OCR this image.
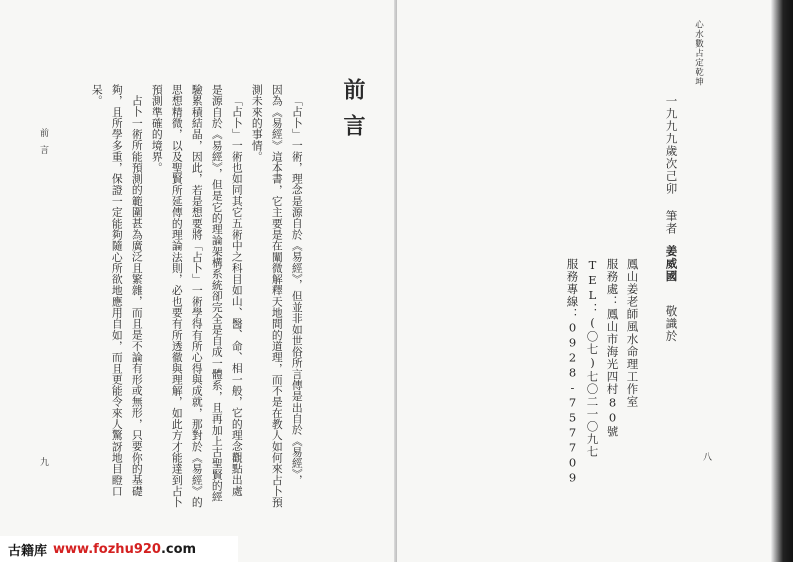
前言
「占卜」一術，理念是源自於《易經》，但並非如世俗所言傳是出自於《易經》，
因為《易經》這本書，它主要是在闡微解釋天地間的道理，而不是在教人如何來占卜預
測未來的事情。
「占卜」一術也如同其它五術中之科目如山、醫、命、相一般，它的理念觀點出處
是源自於《易經》，但是它的理論架構系統卻完全是自成一體系，且再加上古聖賢的經
驗累積結晶，因此，若是想要將「占卜」一術學得有所心得與成就，那對於《易經》的
思想精微，以及聖賢所延傳的理論法則，必也要有所透徹與理解，如此方才能達到占卜
預測準確的境界。
占卜一術所能預測的範圍甚為廣泛且繁雜，而且是不論有形或無形，只要你的基礎
夠，且所學多重，保證一定能夠隨心所欲地應用自如，而且更能令來人驚訝地目瞪口
呆。
前言
九
古籍库 www.fozhu920.com
心水數占定乾坤
一九九九歲次己卯
筆者
姜威國
敬識於
鳳山姜老師風水命理工作室
服務處：鳳山市海光四村80號
TEL：(〇七)七〇二一〇九七
服務專線：0928-757709	八
